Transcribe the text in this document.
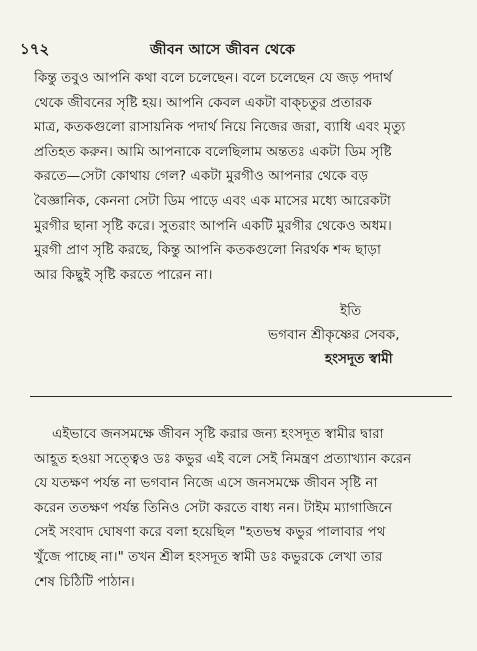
১৭২	জীবন আসে জীবন থেকে
কিন্তু তবুও আপনি কথা বলে চলেছেন। বলে চলেছেন যে জড় পদার্থ
থেকে জীবনের সৃষ্টি হয়। আপনি কেবল একটা বাক্চতুর প্রতারক
মাত্র, কতকগুলো রাসায়নিক পদার্থ নিয়ে নিজের জরা, ব্যাধি এবং মৃত্যু
প্রতিহত করুন। আমি আপনাকে বলেছিলাম অন্ততঃ একটা ডিম সৃষ্টি
করতে—সেটা কোথায় গেল? একটা মুরগীও আপনার থেকে বড়
বৈজ্ঞানিক, কেননা সেটা ডিম পাড়ে এবং এক মাসের মধ্যে আরেকটা
মুরগীর ছানা সৃষ্টি করে। সুতরাং আপনি একটি মুরগীর থেকেও অধম।
মুরগী প্রাণ সৃষ্টি করছে, কিন্তু আপনি কতকগুলো নিরর্থক শব্দ ছাড়া
আর কিছুই সৃষ্টি করতে পারেন না।
ইতি
ভগবান শ্রীকৃষ্ণের সেবক,
হংসদূত স্বামী
এইভাবে জনসমক্ষে জীবন সৃষ্টি করার জন্য হংসদূত স্বামীর দ্বারা
আহূত হওয়া সত্ত্বেও ডঃ কভুর এই বলে সেই নিমন্ত্রণ প্রত্যাখ্যান করেন
যে যতক্ষণ পর্যন্ত না ভগবান নিজে এসে জনসমক্ষে জীবন সৃষ্টি না
করেন ততক্ষণ পর্যন্ত তিনিও সেটা করতে বাধ্য নন। টাইম ম্যাগাজিনে
সেই সংবাদ ঘোষণা করে বলা হয়েছিল "হতভম্ব কভুর পালাবার পথ
খুঁজে পাচ্ছে না।" তখন শ্রীল হংসদূত স্বামী ডঃ কভুরকে লেখা তার
শেষ চিঠিটি পাঠান।
